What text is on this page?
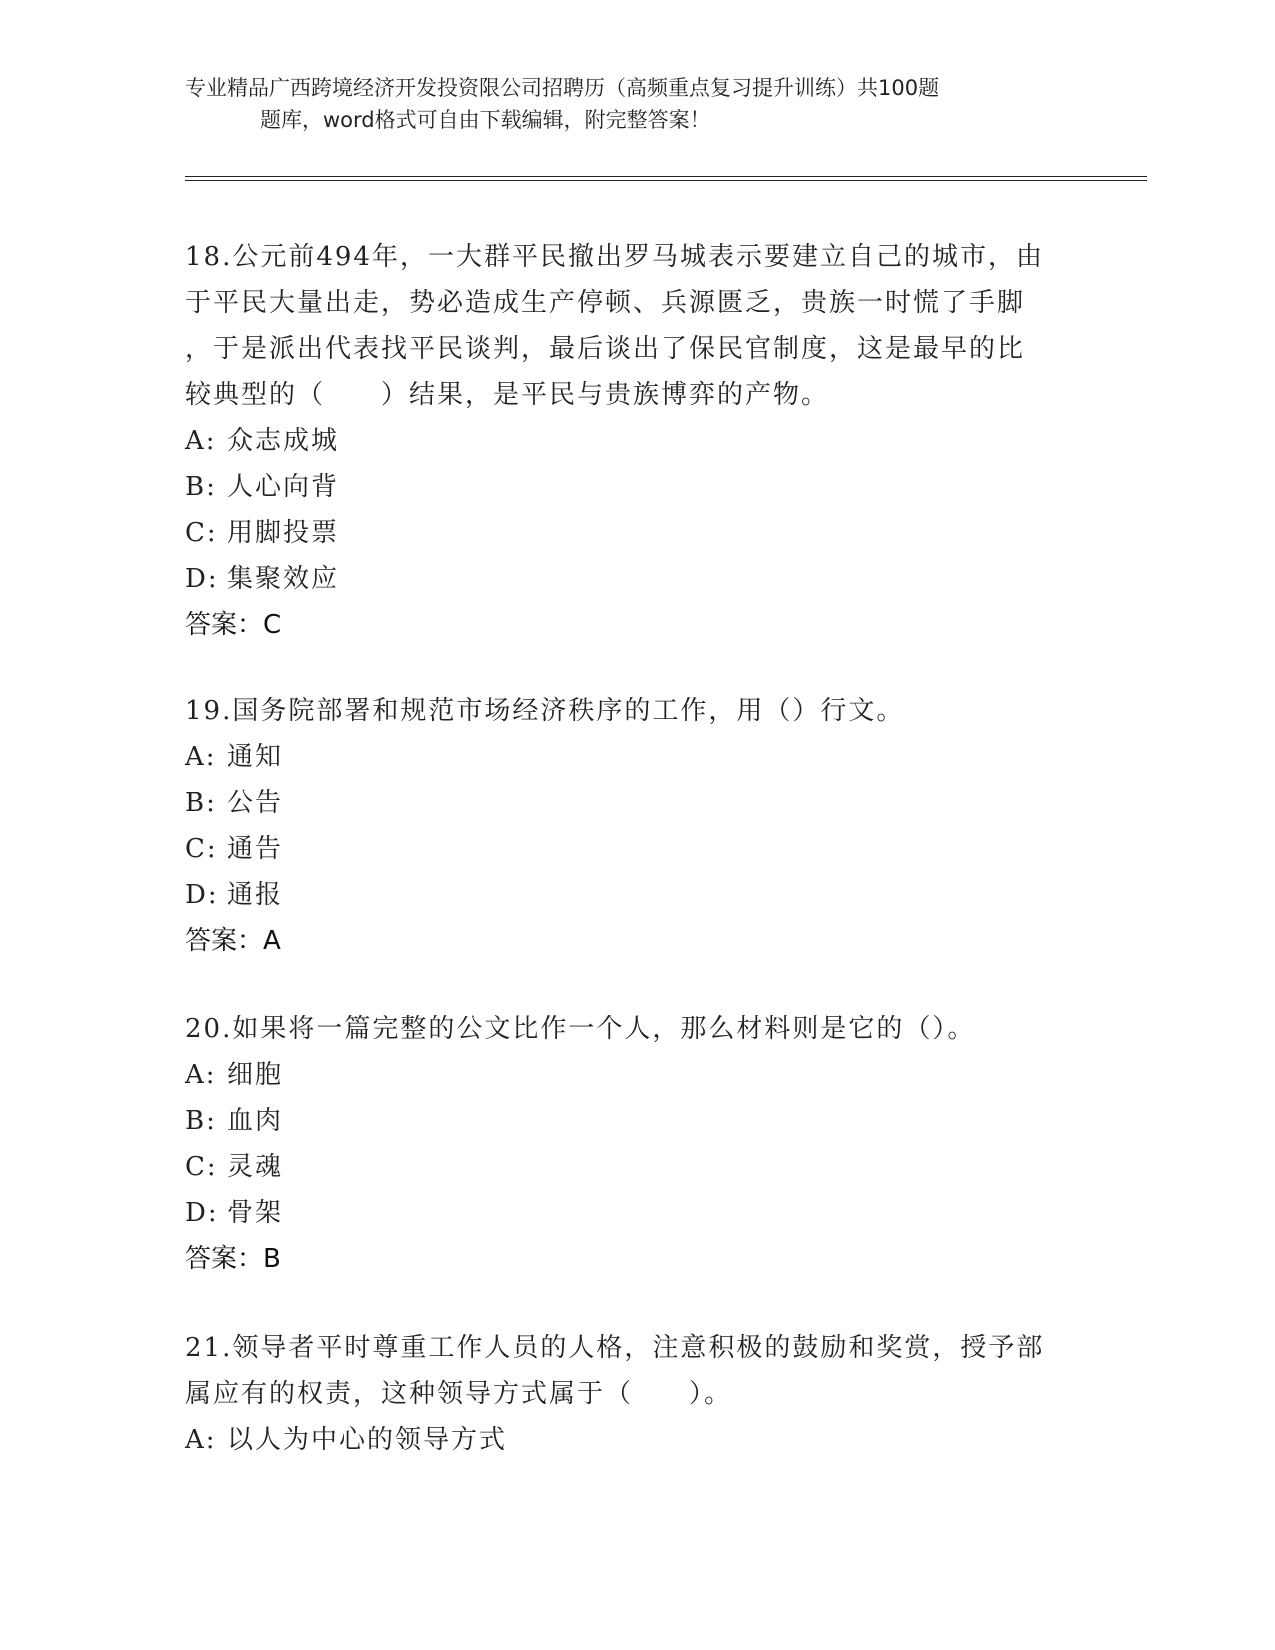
专业精品广西跨境经济开发投资限公司招聘历（高频重点复习提升训练）共100题
题库，word格式可自由下载编辑，附完整答案！

18.公元前494年，一大群平民撤出罗马城表示要建立自己的城市，由

于平民大量出走，势必造成生产停顿、兵源匮乏，贵族一时慌了手脚

，于是派出代表找平民谈判，最后谈出了保民官制度，这是最早的比

较典型的（　　）结果，是平民与贵族博弈的产物。

A: 众志成城

B: 人心向背

C: 用脚投票

D: 集聚效应

答案：C

19.国务院部署和规范市场经济秩序的工作，用（）行文。

A: 通知

B: 公告

C: 通告

D: 通报

答案：A

20.如果将一篇完整的公文比作一个人，那么材料则是它的（）。

A: 细胞

B: 血肉

C: 灵魂

D: 骨架

答案：B

21.领导者平时尊重工作人员的人格，注意积极的鼓励和奖赏，授予部

属应有的权责，这种领导方式属于（　　）。

A: 以人为中心的领导方式
